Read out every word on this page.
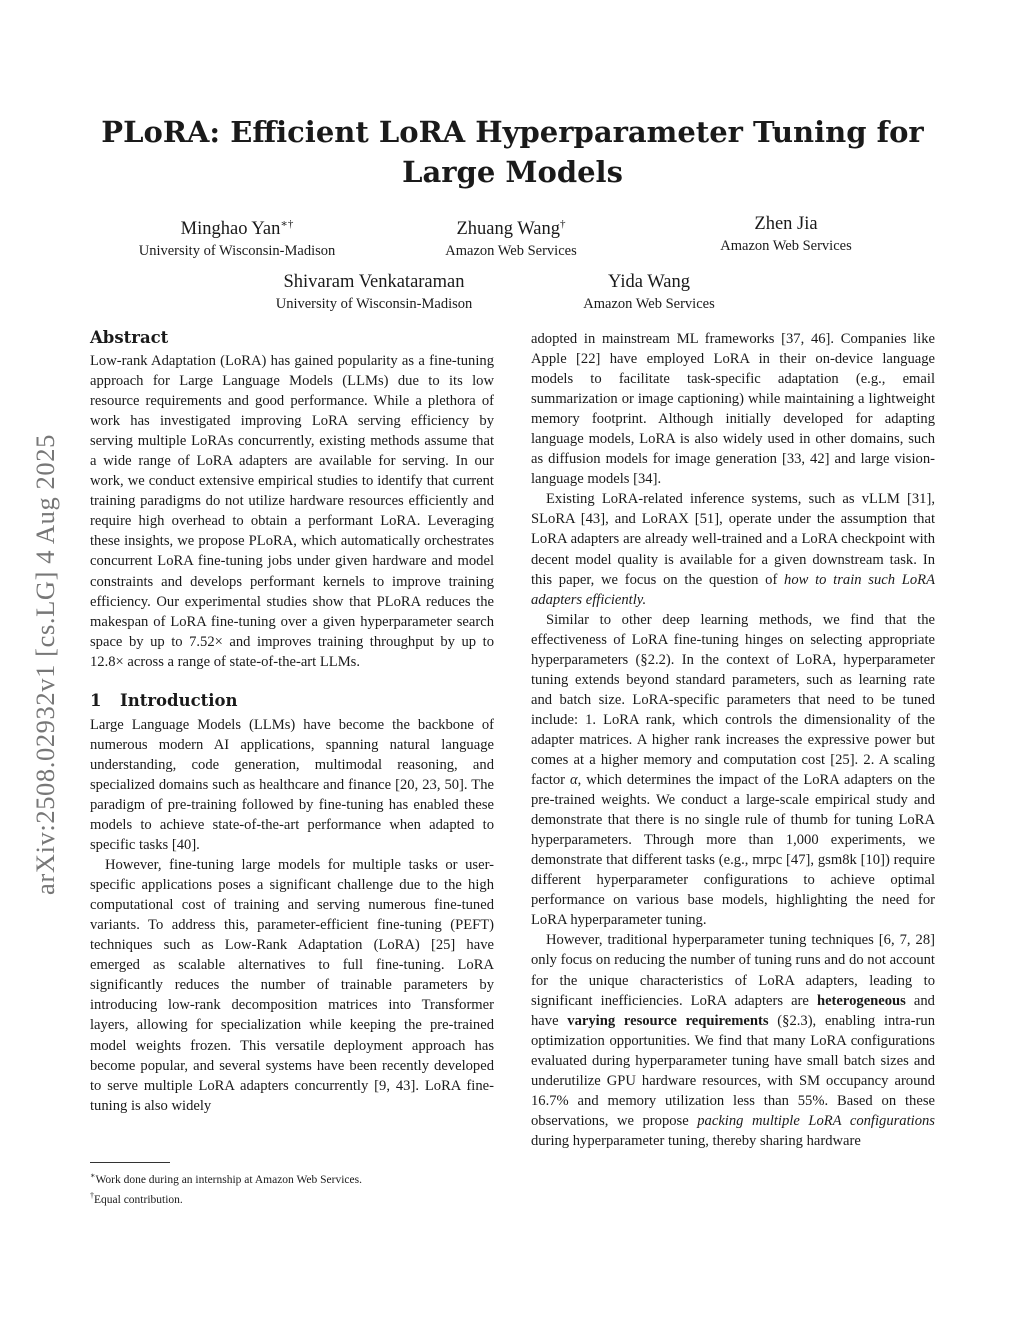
arXiv:2508.02932v1 [cs.LG] 4 Aug 2025
PLoRA: Efficient LoRA Hyperparameter Tuning for Large Models
Minghao Yan∗†
University of Wisconsin-Madison
Zhuang Wang†
Amazon Web Services
Zhen Jia
Amazon Web Services
Shivaram Venkataraman
University of Wisconsin-Madison
Yida Wang
Amazon Web Services
Abstract

Low-rank Adaptation (LoRA) has gained popularity as a fine-tuning approach for Large Language Models (LLMs) due to its low resource requirements and good performance. While a plethora of work has investigated improving LoRA serving efficiency by serving multiple LoRAs concurrently, existing methods assume that a wide range of LoRA adapters are available for serving. In our work, we conduct extensive empirical studies to identify that current training paradigms do not utilize hardware resources efficiently and require high overhead to obtain a performant LoRA. Leveraging these insights, we propose PLoRA, which automatically orchestrates concurrent LoRA fine-tuning jobs under given hardware and model constraints and develops performant kernels to improve training efficiency. Our experimental studies show that PLoRA reduces the makespan of LoRA fine-tuning over a given hyperparameter search space by up to 7.52× and improves training throughput by up to 12.8× across a range of state-of-the-art LLMs.

1 Introduction

Large Language Models (LLMs) have become the backbone of numerous modern AI applications, spanning natural language understanding, code generation, multimodal reasoning, and specialized domains such as healthcare and finance [20, 23, 50]. The paradigm of pre-training followed by fine-tuning has enabled these models to achieve state-of-the-art performance when adapted to specific tasks [40].

However, fine-tuning large models for multiple tasks or user-specific applications poses a significant challenge due to the high computational cost of training and serving numerous fine-tuned variants. To address this, parameter-efficient fine-tuning (PEFT) techniques such as Low-Rank Adaptation (LoRA) [25] have emerged as scalable alternatives to full fine-tuning. LoRA significantly reduces the number of trainable parameters by introducing low-rank decomposition matrices into Transformer layers, allowing for specialization while keeping the pre-trained model weights frozen. This versatile deployment approach has become popular, and several systems have been recently developed to serve multiple LoRA adapters concurrently [9, 43]. LoRA fine-tuning is also widely

adopted in mainstream ML frameworks [37, 46]. Companies like Apple [22] have employed LoRA in their on-device language models to facilitate task-specific adaptation (e.g., email summarization or image captioning) while maintaining a lightweight memory footprint. Although initially developed for adapting language models, LoRA is also widely used in other domains, such as diffusion models for image generation [33, 42] and large vision-language models [34].

Existing LoRA-related inference systems, such as vLLM [31], SLoRA [43], and LoRAX [51], operate under the assumption that LoRA adapters are already well-trained and a LoRA checkpoint with decent model quality is available for a given downstream task. In this paper, we focus on the question of how to train such LoRA adapters efficiently.

Similar to other deep learning methods, we find that the effectiveness of LoRA fine-tuning hinges on selecting appropriate hyperparameters (§2.2). In the context of LoRA, hyperparameter tuning extends beyond standard parameters, such as learning rate and batch size. LoRA-specific parameters that need to be tuned include: 1. LoRA rank, which controls the dimensionality of the adapter matrices. A higher rank increases the expressive power but comes at a higher memory and computation cost [25]. 2. A scaling factor α, which determines the impact of the LoRA adapters on the pre-trained weights. We conduct a large-scale empirical study and demonstrate that there is no single rule of thumb for tuning LoRA hyperparameters. Through more than 1,000 experiments, we demonstrate that different tasks (e.g., mrpc [47], gsm8k [10]) require different hyperparameter configurations to achieve optimal performance on various base models, highlighting the need for LoRA hyperparameter tuning.

However, traditional hyperparameter tuning techniques [6, 7, 28] only focus on reducing the number of tuning runs and do not account for the unique characteristics of LoRA adapters, leading to significant inefficiencies. LoRA adapters are heterogeneous and have varying resource requirements (§2.3), enabling intra-run optimization opportunities. We find that many LoRA configurations evaluated during hyperparameter tuning have small batch sizes and underutilize GPU hardware resources, with SM occupancy around 16.7% and memory utilization less than 55%. Based on these observations, we propose packing multiple LoRA configurations during hyperparameter tuning, thereby sharing hardware

∗Work done during an internship at Amazon Web Services.
†Equal contribution.
